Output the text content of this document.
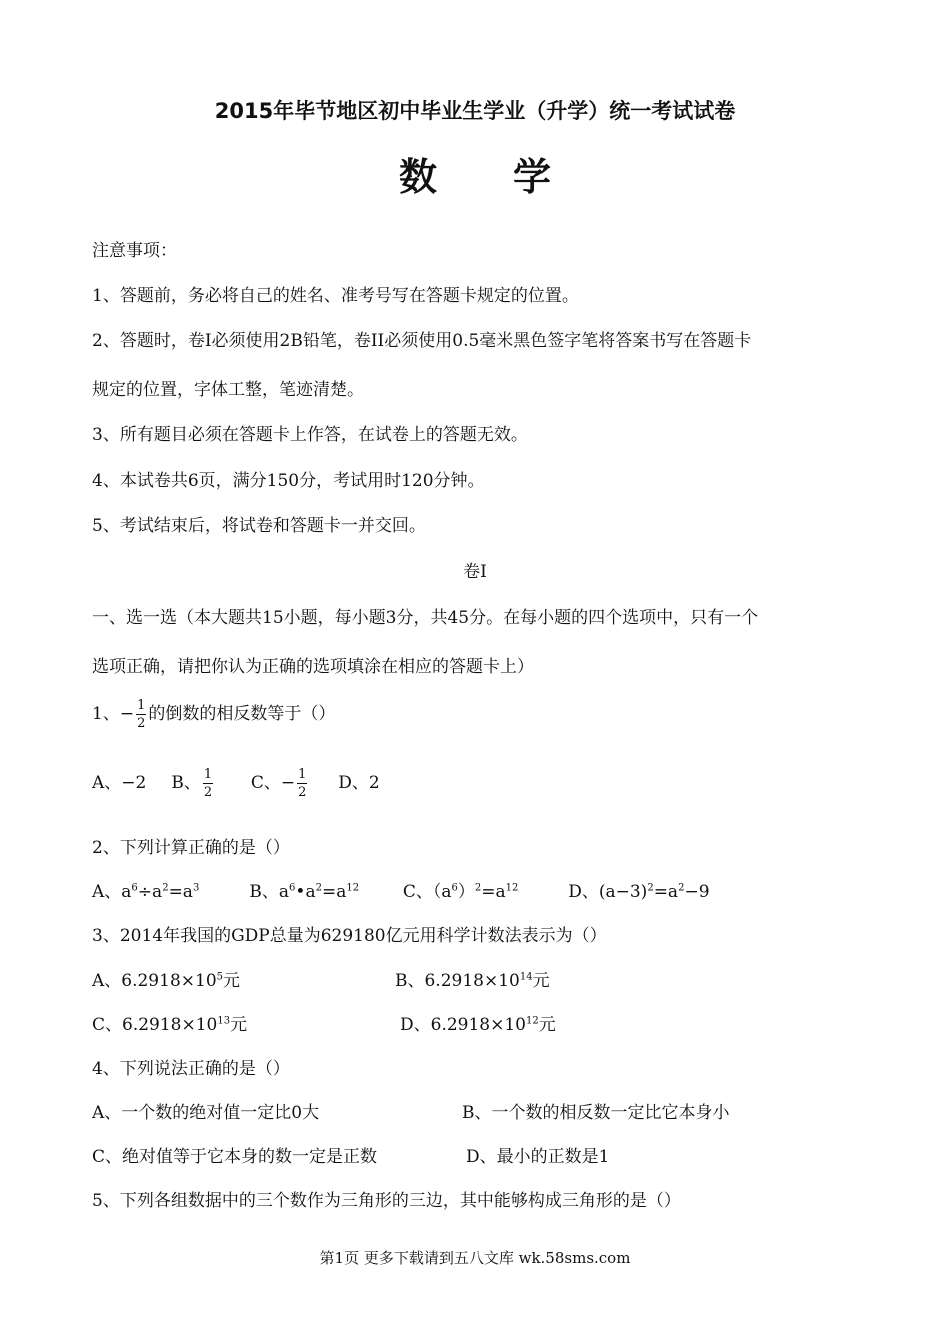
2015年毕节地区初中毕业生学业（升学）统一考试试卷
数 学
注意事项：
1、答题前，务必将自己的姓名、准考号写在答题卡规定的位置。
2、答题时，卷I必须使用2B铅笔，卷II必须使用0.5毫米黑色签字笔将答案书写在答题卡
规定的位置，字体工整，笔迹清楚。
3、所有题目必须在答题卡上作答，在试卷上的答题无效。
4、本试卷共6页，满分150分，考试用时120分钟。
5、考试结束后，将试卷和答题卡一并交回。
卷I
一、选一选（本大题共15小题，每小题3分，共45分。在每小题的四个选项中，只有一个
选项正确，请把你认为正确的选项填涂在相应的答题卡上）
1、− $\frac{1}{2}$ 的倒数的相反数等于（）
A、−2 B、 $\frac{1}{2}$ C、− $\frac{1}{2}$ D、2
2、下列计算正确的是（）
A、$a^6\div a^2=a^3$	B、$a^6•a^2=a^{12}$	C、$(a^6)^2=a^{12}$	D、$(a-3)^2=a^2-9$
3、2014年我国的GDP总量为629180亿元用科学计数法表示为（）
A、$6.2918\times 10^5$元	B、$6.2918\times 10^{14}$元
C、$6.2918\times 10^{13}$元	D、$6.2918\times 10^{12}$元
4、下列说法正确的是（）
A、一个数的绝对值一定比0大	B、一个数的相反数一定比它本身小
C、绝对值等于它本身的数一定是正数	D、最小的正数是1
5、下列各组数据中的三个数作为三角形的三边，其中能够构成三角形的是（）
第1页 更多下载请到五八文库 wk.58sms.com
